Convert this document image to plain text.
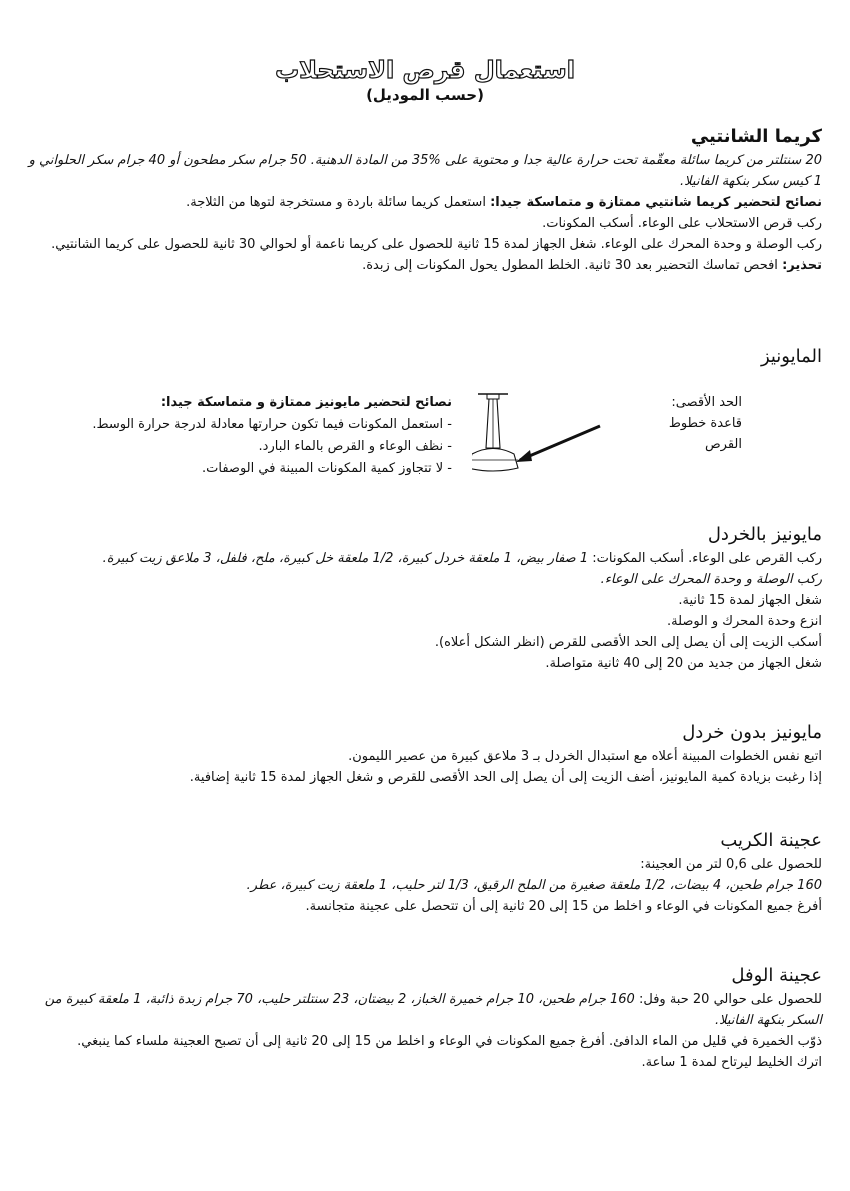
استعمال قرص الاستحلاب
(حسب الموديل)

كريما الشانتيي

20 سنتلتر من كريما سائلة معقّمة تحت حرارة عالية جدا و محتوية على %35 من المادة الدهنية. 50 جرام سكر مطحون أو 40 جرام سكر الحلواني و 1 كيس سكر بنكهة الفانيلا.

نصائح لتحضير كريما شانتيي ممتازة و متماسكة جيدا: استعمل كريما سائلة باردة و مستخرجة لتوها من الثلاجة.

ركب قرص الاستحلاب على الوعاء. أسكب المكونات.

ركب الوصلة و وحدة المحرك على الوعاء. شغل الجهاز لمدة 15 ثانية للحصول على كريما ناعمة أو لحوالي 30 ثانية للحصول على كريما الشانتيي.

تحذير: افحص تماسك التحضير بعد 30 ثانية. الخلط المطول يحول المكونات إلى زبدة.

المايونيز

الحد الأقصى:
قاعدة خطوط
القرص

نصائح لتحضير مايونيز ممتازة و متماسكة جيدا:

- استعمل المكونات فيما تكون حرارتها معادلة لدرجة حرارة الوسط.
- نظف الوعاء و القرص بالماء البارد.
- لا تتجاوز كمية المكونات المبينة في الوصفات.

مايونيز بالخردل

ركب القرص على الوعاء. أسكب المكونات: 1 صفار بيض، 1 ملعقة خردل كبيرة، 1/2 ملعقة خل كبيرة، ملح، فلفل، 3 ملاعق زيت كبيرة.

ركب الوصلة و وحدة المحرك على الوعاء.

شغل الجهاز لمدة 15 ثانية.

انزع وحدة المحرك و الوصلة.

أسكب الزيت إلى أن يصل إلى الحد الأقصى للقرص (انظر الشكل أعلاه).

شغل الجهاز من جديد من 20 إلى 40 ثانية متواصلة.

مايونيز بدون خردل

اتبع نفس الخطوات المبينة أعلاه مع استبدال الخردل بـ 3 ملاعق كبيرة من عصير الليمون.

إذا رغبت بزيادة كمية المايونيز، أضف الزيت إلى أن يصل إلى الحد الأقصى للقرص و شغل الجهاز لمدة 15 ثانية إضافية.

عجينة الكريب

للحصول على 0,6 لتر من العجينة:

160 جرام طحين، 4 بيضات، 1/2 ملعقة صغيرة من الملح الرقيق، 1/3 لتر حليب، 1 ملعقة زيت كبيرة، عطر.

أفرغ جميع المكونات في الوعاء و اخلط من 15 إلى 20 ثانية إلى أن تتحصل على عجينة متجانسة.

عجينة الوفل

للحصول على حوالي 20 حبة وفل: 160 جرام طحين، 10 جرام خميرة الخباز، 2 بيضتان، 23 سنتلتر حليب، 70 جرام زبدة ذائبة، 1 ملعقة كبيرة من السكر بنكهة الفانيلا.

ذوّب الخميرة في قليل من الماء الدافئ. أفرغ جميع المكونات في الوعاء و اخلط من 15 إلى 20 ثانية إلى أن تصبح العجينة ملساء كما ينبغي.

اترك الخليط ليرتاح لمدة 1 ساعة.
